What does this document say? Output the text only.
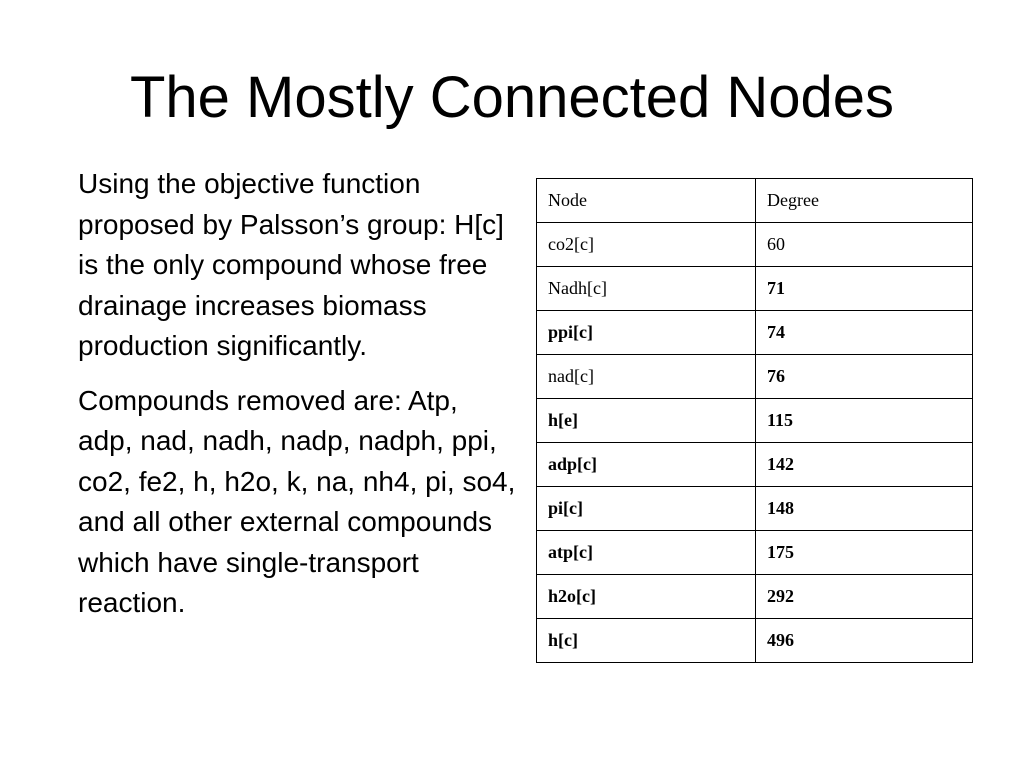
The Mostly Connected Nodes

Using the objective function proposed by Palsson’s group: H[c] is the only compound whose free drainage increases biomass production significantly.

Compounds removed are: Atp, adp, nad, nadh, nadp, nadph, ppi, co2, fe2, h, h2o, k, na, nh4, pi, so4, and all other external compounds which have single-transport reaction.

Node	Degree
co2[c]	60
Nadh[c]	71
ppi[c]	74
nad[c]	76
h[e]	115
adp[c]	142
pi[c]	148
atp[c]	175
h2o[c]	292
h[c]	496
